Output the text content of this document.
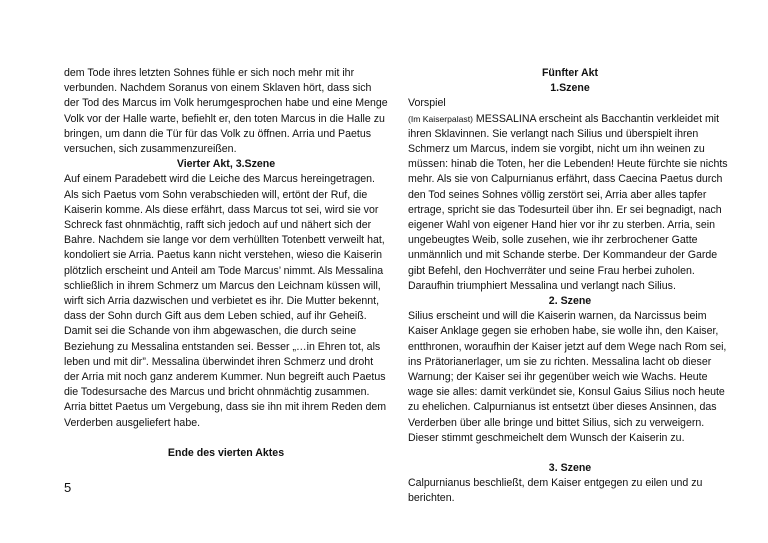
dem Tode ihres letzten Sohnes fühle er sich noch mehr mit ihr verbunden. Nachdem Soranus von einem Sklaven hört, dass sich der Tod des Marcus im Volk herumgesprochen habe und eine Menge Volk vor der Halle warte, befiehlt er, den toten Marcus in die Halle zu bringen, um dann die Tür für das Volk zu öffnen. Arria und Paetus versuchen, sich zusammenzureißen.

Vierter Akt, 3.Szene

Auf einem Paradebett wird die Leiche des Marcus hereingetragen. Als sich Paetus vom Sohn verabschieden will, ertönt der Ruf, die Kaiserin komme. Als diese erfährt, dass Marcus tot sei, wird sie vor Schreck fast ohnmächtig, rafft sich jedoch auf und nähert sich der Bahre. Nachdem sie lange vor dem verhüllten Totenbett verweilt hat, kondoliert sie Arria. Paetus kann nicht verstehen, wieso die Kaiserin plötzlich erscheint und Anteil am Tode Marcus’ nimmt. Als Messalina schließlich in ihrem Schmerz um Marcus den Leichnam küssen will, wirft sich Arria dazwischen und verbietet es ihr. Die Mutter bekennt, dass der Sohn durch Gift aus dem Leben schied, auf ihr Geheiß. Damit sei die Schande von ihm abgewaschen, die durch seine Beziehung zu Messalina entstanden sei. Besser „…in Ehren tot, als leben und mit dir”. Messalina überwindet ihren Schmerz und droht der Arria mit noch ganz anderem Kummer. Nun begreift auch Paetus die Todesursache des Marcus und bricht ohnmächtig zusammen. Arria bittet Paetus um Vergebung, dass sie ihn mit ihrem Reden dem Verderben ausgeliefert habe.

Ende des vierten Aktes

Fünfter Akt

1.Szene

Vorspiel

(Im Kaiserpalast) MESSALINA erscheint als Bacchantin verkleidet mit ihren Sklavinnen. Sie verlangt nach Silius und überspielt ihren Schmerz um Marcus, indem sie vorgibt, nicht um ihn weinen zu müssen: hinab die Toten, her die Lebenden! Heute fürchte sie nichts mehr. Als sie von Calpurnianus erfährt, dass Caecina Paetus durch den Tod seines Sohnes völlig zerstört sei, Arria aber alles tapfer ertrage, spricht sie das Todesurteil über ihn. Er sei begnadigt, nach eigener Wahl von eigener Hand hier vor ihr zu sterben. Arria, sein ungebeugtes Weib, solle zusehen, wie ihr zerbrochener Gatte unmännlich und mit Schande sterbe. Der Kommandeur der Garde gibt Befehl, den Hochverräter und seine Frau herbei zuholen. Daraufhin triumphiert Messalina und verlangt nach Silius.

2. Szene

Silius erscheint und will die Kaiserin warnen, da Narcissus beim Kaiser Anklage gegen sie erhoben habe, sie wolle ihn, den Kaiser, entthronen, woraufhin der Kaiser jetzt auf dem Wege nach Rom sei, ins Prätorianerlager, um sie zu richten. Messalina lacht ob dieser Warnung; der Kaiser sei ihr gegenüber weich wie Wachs. Heute wage sie alles: damit verkündet sie, Konsul Gaius Silius noch heute zu ehelichen. Calpurnianus ist entsetzt über dieses Ansinnen, das Verderben über alle bringe und bittet Silius, sich zu verweigern. Dieser stimmt geschmeichelt dem Wunsch der Kaiserin zu.

3. Szene

Calpurnianus beschließt, dem Kaiser entgegen zu eilen und zu berichten.

5
